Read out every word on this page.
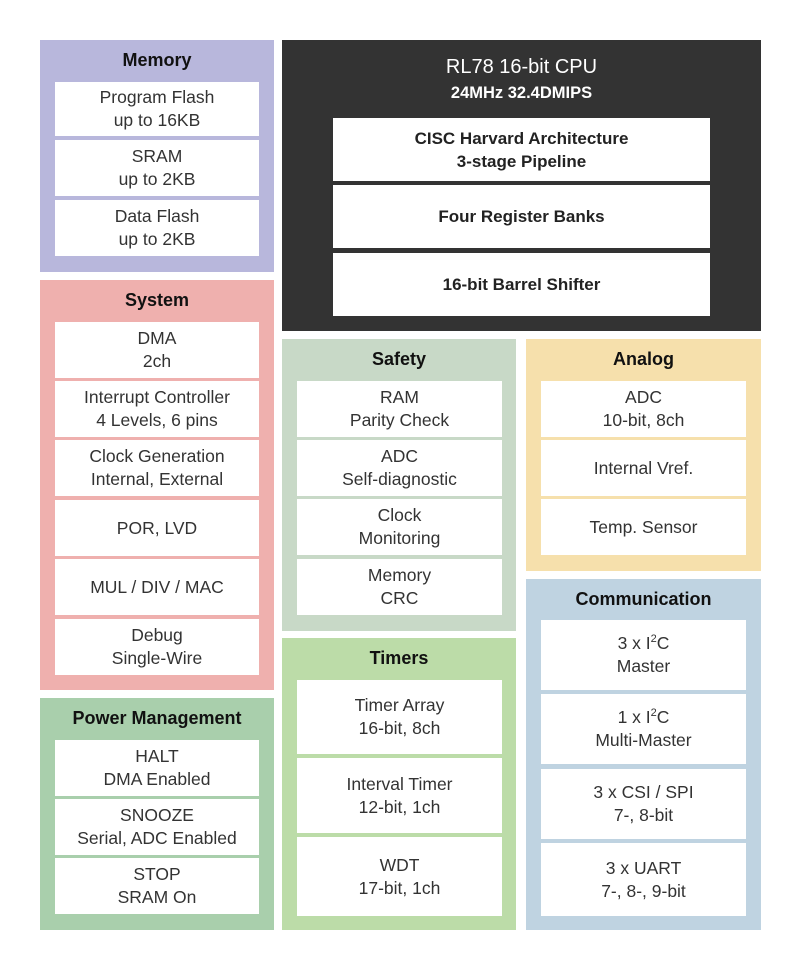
Memory
Program Flash
up to 16KB
SRAM
up to 2KB
Data Flash
up to 2KB
System
DMA
2ch
Interrupt Controller
4 Levels, 6 pins
Clock Generation
Internal, External
POR, LVD
MUL / DIV / MAC
Debug
Single-Wire
Power Management
HALT
DMA Enabled
SNOOZE
Serial, ADC Enabled
STOP
SRAM On
RL78 16-bit CPU
24MHz 32.4DMIPS
CISC Harvard Architecture
3-stage Pipeline
Four Register Banks
16-bit Barrel Shifter
Safety
RAM
Parity Check
ADC
Self-diagnostic
Clock
Monitoring
Memory
CRC
Timers
Timer Array
16-bit, 8ch
Interval Timer
12-bit, 1ch
WDT
17-bit, 1ch
Analog
ADC
10-bit, 8ch
Internal Vref.
Temp. Sensor
Communication
3 x $I^2C$
Master
1 x $I^2C$
Multi-Master
3 x CSI / SPI
7-, 8-bit
3 x UART
7-, 8-, 9-bit
